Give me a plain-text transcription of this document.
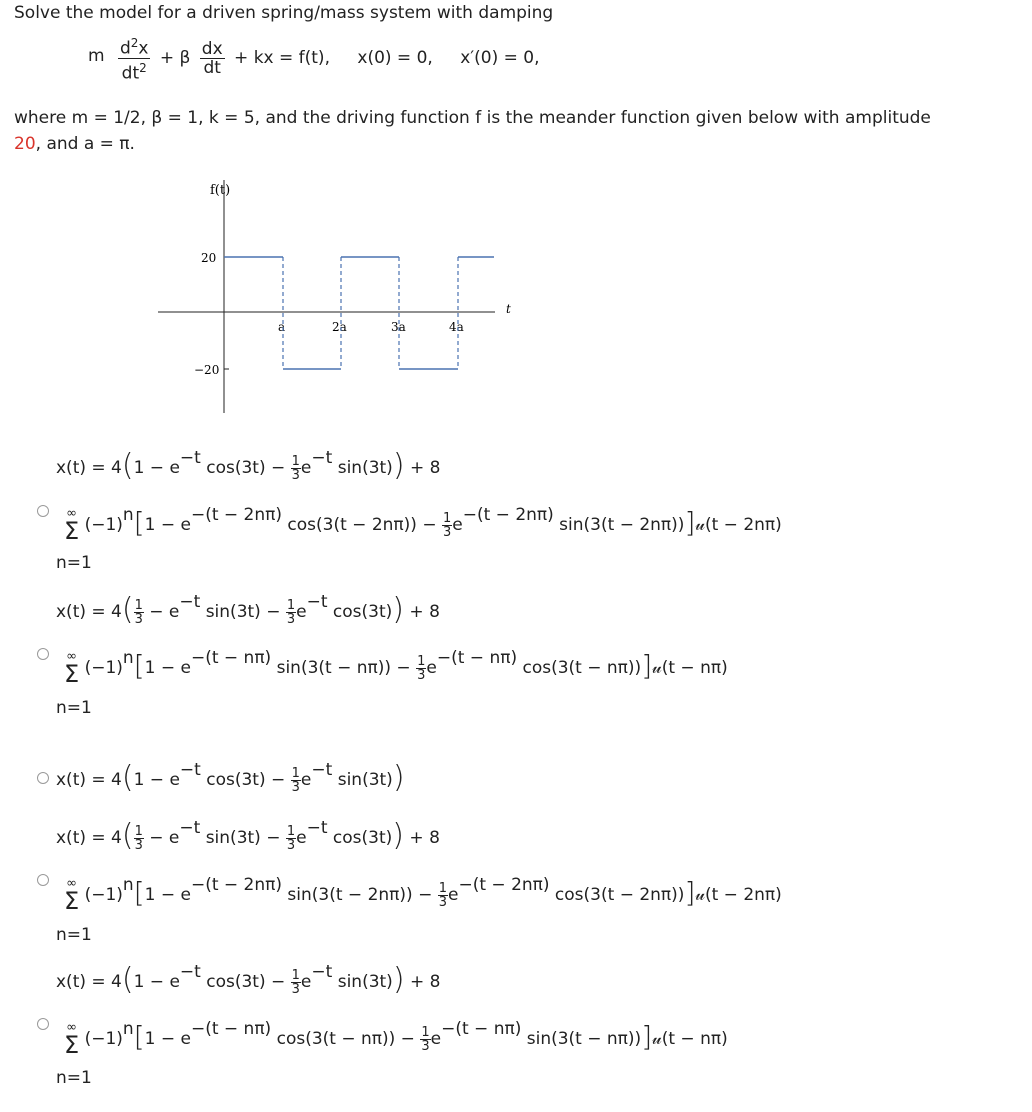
Solve the model for a driven spring/mass system with damping
m $\frac{d^2x}{dt^2} + \beta \frac{dx}{dt}$ + kx = f(t), x(0) = 0, x′(0) = 0,
where m = 1/2, β = 1, k = 5, and the driving function f is the meander function given below with amplitude
20, and a = π.
f(t)
t
20
−20
a	2a	3a	4a
$x(t) = 4(1 - e^{-t}$ $\cos(3t) - \frac{1}{3} e^{-t}$ sin(3t)) + 8
∞
Σ $(-1)^n[1 - e^{-(t - 2n\pi)}$ $\cos(3(t - 2n\pi)) - \frac{1}{3} e^{-(t - 2n\pi)}$ sin(3(t − 2nπ))]𝓊(t − 2nπ)
n=1
$x(t) = 4( \frac{1}{3} - e^{-t}$ $\sin(3t) - \frac{1}{3} e^{-t}$ cos(3t)) + 8
∞
Σ $(-1)^n[1 - e^{-(t - n\pi)}$ $\sin(3(t - n\pi)) - \frac{1}{3} e^{-(t - n\pi)}$ cos(3(t − nπ))]𝓊(t − nπ)
n=1
$x(t) = 4(1 - e^{-t}$ $\cos(3t) - \frac{1}{3} e^{-t}$ sin(3t))
$x(t) = 4( \frac{1}{3} - e^{-t}$ $\sin(3t) - \frac{1}{3} e^{-t}$ cos(3t)) + 8
∞
Σ $(-1)^n[1 - e^{-(t - 2n\pi)}$ $\sin(3(t - 2n\pi)) - \frac{1}{3} e^{-(t - 2n\pi)}$ cos(3(t − 2nπ))]𝓊(t − 2nπ)
n=1
$x(t) = 4(1 - e^{-t}$ $\cos(3t) - \frac{1}{3} e^{-t}$ sin(3t)) + 8
∞
Σ $(-1)^n[1 - e^{-(t - n\pi)}$ $\cos(3(t - n\pi)) - \frac{1}{3} e^{-(t - n\pi)}$ sin(3(t − nπ))]𝓊(t − nπ)
n=1
